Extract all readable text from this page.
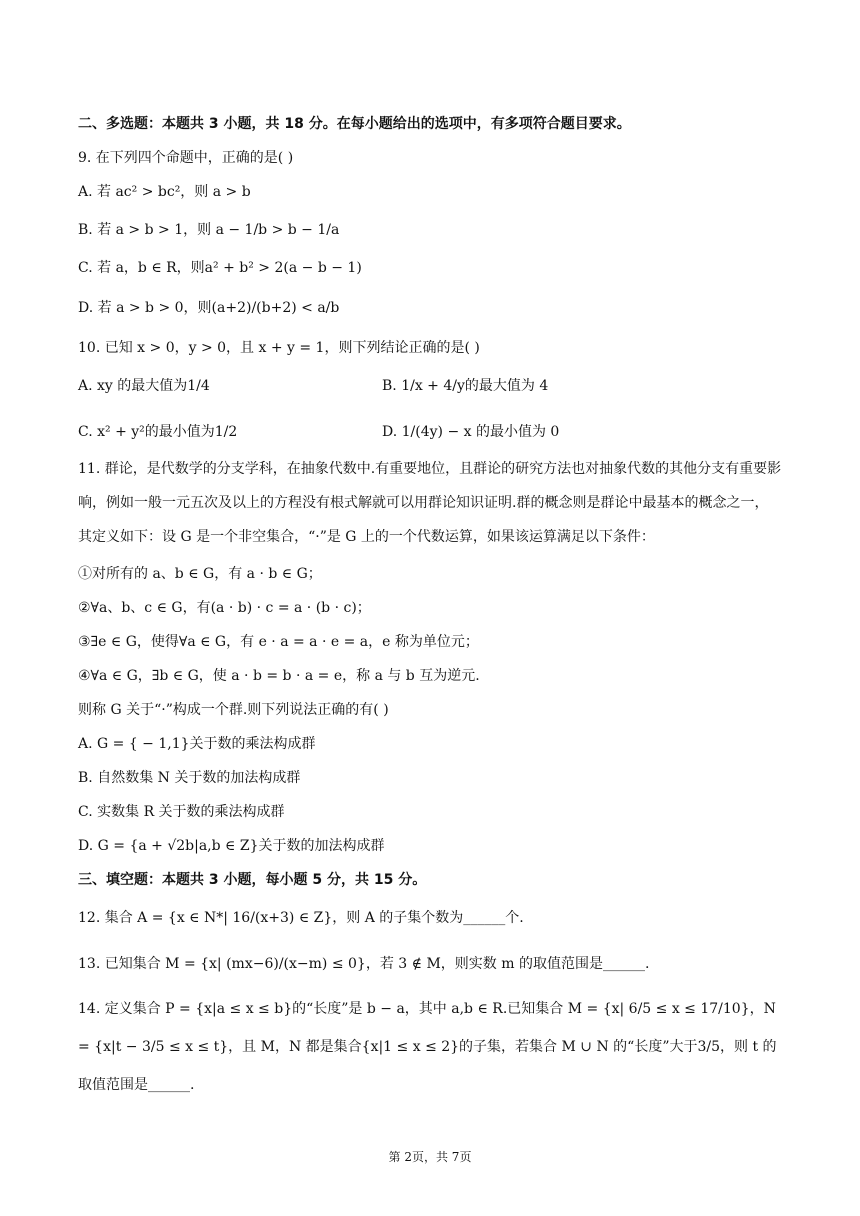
二、多选题：本题共 3 小题，共 18 分。在每小题给出的选项中，有多项符合题目要求。
9. 在下列四个命题中，正确的是( )
A. 若 ac² > bc²，则 a > b
B. 若 a > b > 1，则 a − 1/b > b − 1/a
C. 若 a，b ∈ R，则a² + b² > 2(a − b − 1)
D. 若 a > b > 0，则(a+2)/(b+2) < a/b
10. 已知 x > 0，y > 0，且 x + y = 1，则下列结论正确的是( )
A. xy 的最大值为1/4	B. 1/x + 4/y的最大值为 4
C. x² + y²的最小值为1/2	D. 1/(4y) − x 的最小值为 0
11. 群论，是代数学的分支学科，在抽象代数中.有重要地位，且群论的研究方法也对抽象代数的其他分支有重要影响，例如一般一元五次及以上的方程没有根式解就可以用群论知识证明.群的概念则是群论中最基本的概念之一，其定义如下：设 G 是一个非空集合，“·”是 G 上的一个代数运算，如果该运算满足以下条件：
①对所有的 a、b ∈ G，有 a · b ∈ G；
②∀a、b、c ∈ G，有(a · b) · c = a · (b · c)；
③∃e ∈ G，使得∀a ∈ G，有 e · a = a · e = a，e 称为单位元；
④∀a ∈ G，∃b ∈ G，使 a · b = b · a = e，称 a 与 b 互为逆元.
则称 G 关于“·”构成一个群.则下列说法正确的有( )
A. G = { − 1,1}关于数的乘法构成群
B. 自然数集 N 关于数的加法构成群
C. 实数集 R 关于数的乘法构成群
D. G = {a + √2b|a,b ∈ Z}关于数的加法构成群
三、填空题：本题共 3 小题，每小题 5 分，共 15 分。
12. 集合 A = {x ∈ N*| 16/(x+3) ∈ Z}，则 A 的子集个数为______个.
13. 已知集合 M = {x| (mx−6)/(x−m) ≤ 0}，若 3 ∉ M，则实数 m 的取值范围是______.
14. 定义集合 P = {x|a ≤ x ≤ b}的“长度”是 b − a，其中 a,b ∈ R.已知集合 M = {x| 6/5 ≤ x ≤ 17/10}，N = {x|t − 3/5 ≤ x ≤ t}，且 M，N 都是集合{x|1 ≤ x ≤ 2}的子集，若集合 M ∪ N 的“长度”大于3/5，则 t 的取值范围是______.
第 2页，共 7页
